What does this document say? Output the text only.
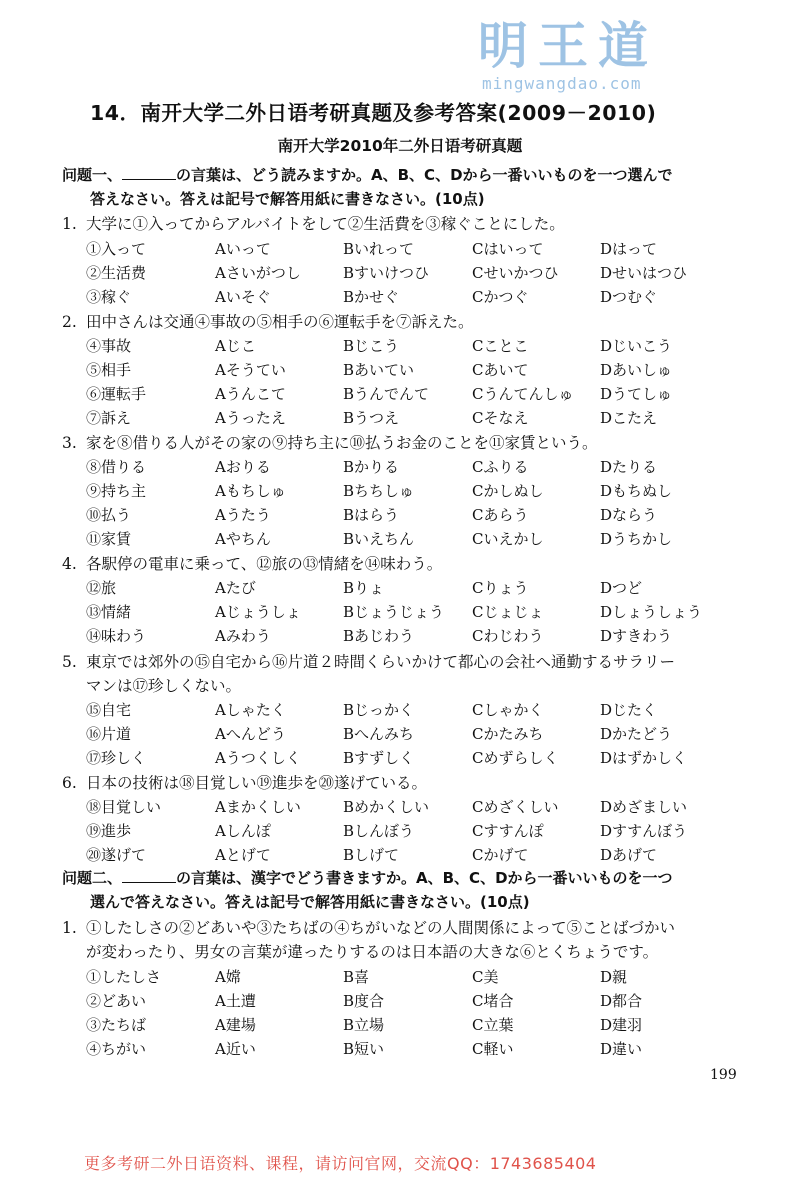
明王道
mingwangdao.com
14．南开大学二外日语考研真题及参考答案(2009－2010)
南开大学2010年二外日语考研真题
问题一、	の言葉は、どう読みますか。A、B、C、Dから一番いいものを一つ選んで
答えなさい。答えは記号で解答用紙に書きなさい。(10点)
1. 大学に①入ってからアルバイトをして②生活費を③稼ぐことにした。
①入って	Aいって	Bいれって	Cはいって	Dはって
②生活费	Aさいがつし	Bすいけつひ	Cせいかつひ	Dせいはつひ
③稼ぐ	Aいそぐ	Bかせぐ	Cかつぐ	Dつむぐ
2. 田中さんは交通④事故の⑤相手の⑥運転手を⑦訴えた。
④事故	Aじこ	Bじこう	Cことこ	Dじいこう
⑤相手	Aそうてい	Bあいてい	Cあいて	Dあいしゅ
⑥運転手	Aうんこて	Bうんでんて	Cうんてんしゅ Dうてしゅ
⑦訴え	Aうったえ	Bうつえ	Cそなえ	Dこたえ
3. 家を⑧借りる人がその家の⑨持ち主に⑩払うお金のことを⑪家賃という。
⑧借りる	Aおりる	Bかりる	Cふりる	Dたりる
⑨持ち主	Aもちしゅ	Bちちしゅ	Cかしぬし	Dもちぬし
⑩払う	Aうたう	Bはらう	Cあらう	Dならう
⑪家賃	Aやちん	Bいえちん	Cいえかし	Dうちかし
4. 各駅停の電車に乗って、⑫旅の⑬情緒を⑭味わう。
⑫旅	Aたび	Bりょ	Cりょう	Dつど
⑬情緒	Aじょうしょ	Bじょうじょう Cじょじょ	Dしょうしょう
⑭味わう	Aみわう	Bあじわう	Cわじわう	Dすきわう
5. 東京では郊外の⑮自宅から⑯片道２時間くらいかけて都心の会社へ通勤するサラリー
マンは⑰珍しくない。
⑮自宅	Aしゃたく	Bじっかく	Cしゃかく	Dじたく
⑯片道	Aへんどう	Bへんみち	Cかたみち	Dかたどう
⑰珍しく	Aうつくしく	Bすずしく	Cめずらしく	Dはずかしく
6. 日本の技術は⑱目覚しい⑲進歩を⑳遂げている。
⑱目覚しい	Aまかくしい	Bめかくしい	Cめざくしい	Dめざましい
⑲進歩	Aしんぽ	Bしんぼう	Cすすんぽ	Dすすんぼう
⑳遂げて	Aとげて	Bしげて	Cかげて	Dあげて
问题二、	の言葉は、漢字でどう書きますか。A、B、C、Dから一番いいものを一つ
選んで答えなさい。答えは記号で解答用紙に書きなさい。(10点)
1. ①したしさの②どあいや③たちばの④ちがいなどの人間関係によって⑤ことばづかい
が変わったり、男女の言葉が違ったりするのは日本語の大きな⑥とくちょうです。
①したしさ	A嫦	B喜	C美	D親
②どあい	A土遭	B度合	C堵合	D都合
③たちば	A建場	B立場	C立葉	D建羽
④ちがい	A近い	B短い	C軽い	D違い
199
更多考研二外日语资料、课程，请访问官网，交流QQ：1743685404
